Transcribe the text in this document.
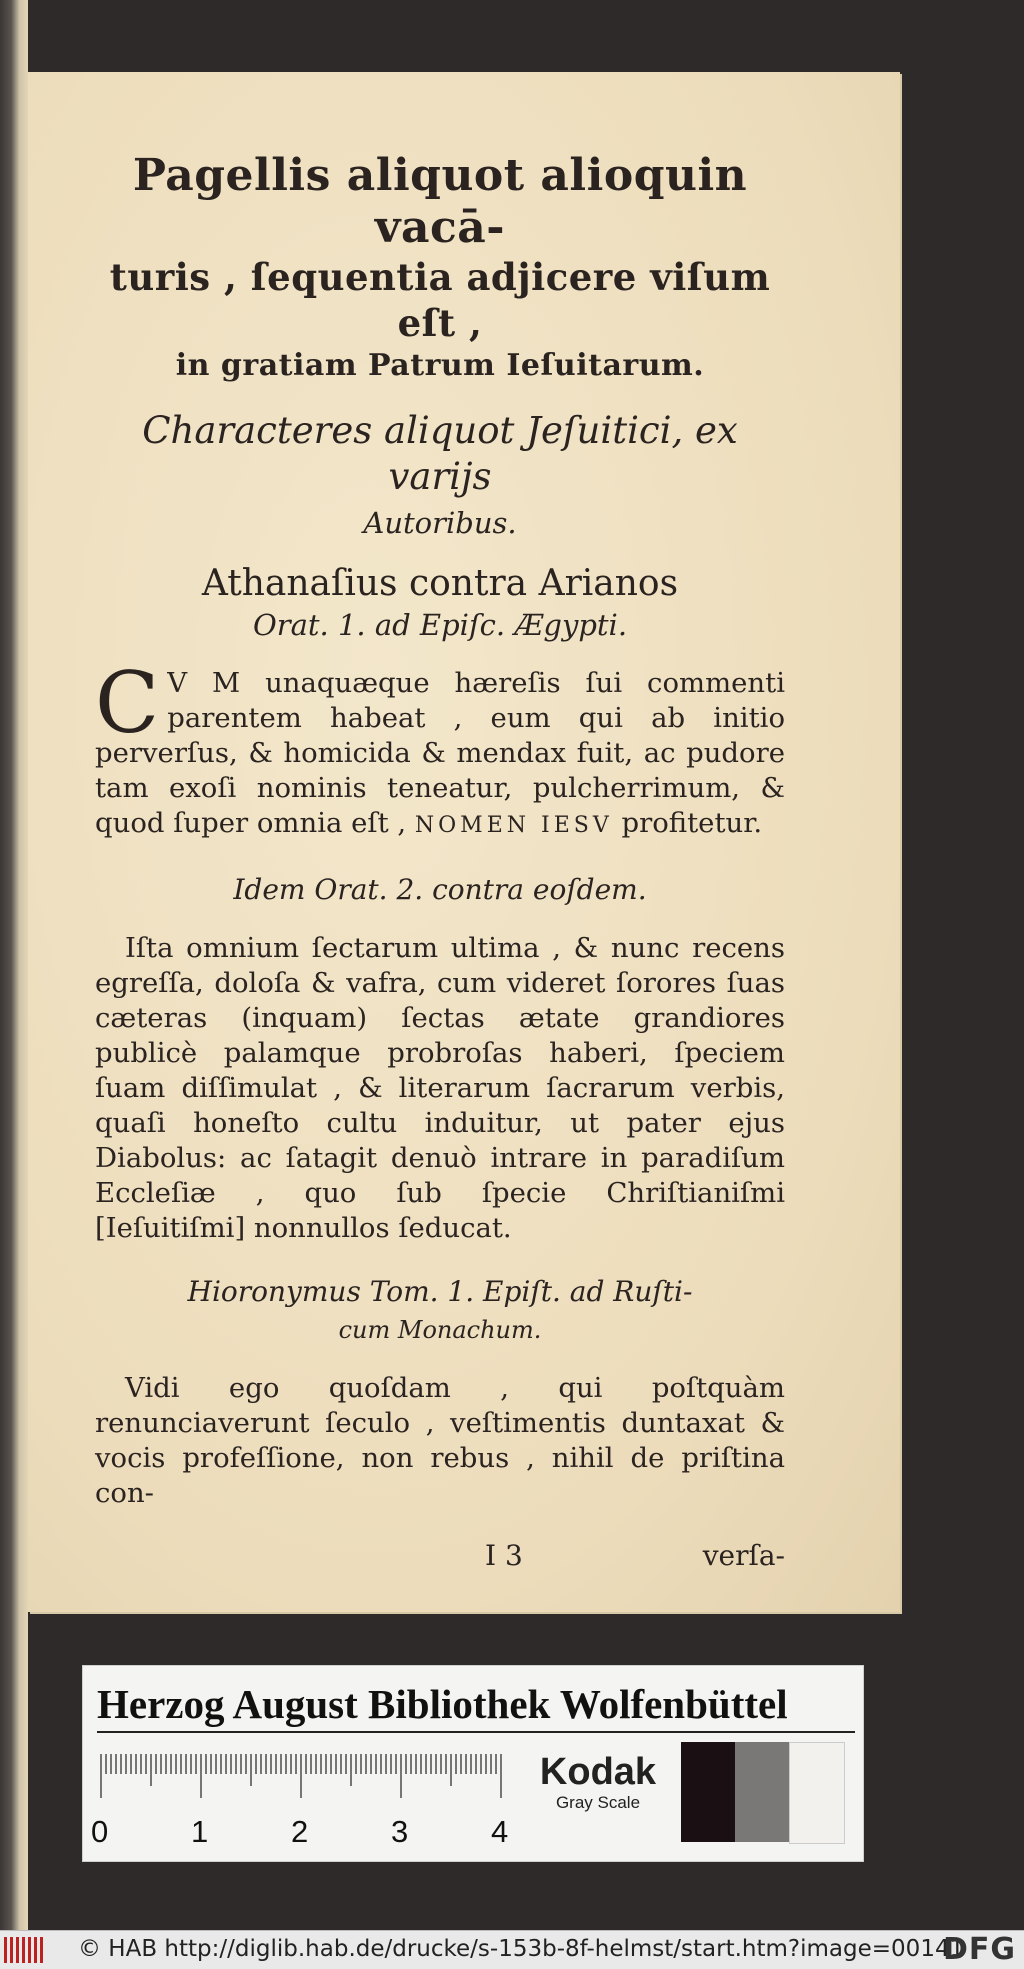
Pagellis aliquot alioquin vacā-
turis , ſequentia adjicere viſum eſt ,
in gratiam Patrum Ieſuitarum.
Characteres aliquot Jeſuitici, ex varijs
Autoribus.
Athanaſius contra Arianos
Orat. 1. ad Epiſc. Ægypti.

C V M unaquæque hæreſis ſui commenti parentem habeat , eum qui ab initio perverſus, & homicida & mendax fuit, ac pudore tam exoſi nominis teneatur, pulcherrimum, & quod ſuper omnia eſt , NOMEN IESV profitetur.

Idem Orat. 2. contra eoſdem.

Iſta omnium ſectarum ultima , & nunc recens egreſſa, doloſa & vafra, cum videret ſorores ſuas cæteras (inquam) ſectas ætate grandiores publicè palamque probroſas haberi, ſpeciem ſuam diſſimulat , & literarum ſacrarum verbis, quaſi honeſto cultu induitur, ut pater ejus Diabolus: ac ſatagit denuò intrare in paradiſum Eccleſiæ , quo ſub ſpecie Chriſtianiſmi [Ieſuitiſmi] nonnullos ſeducat.

Hioronymus Tom. 1. Epiſt. ad Ruſti-
cum Monachum.

Vidi ego quoſdam , qui poſtquàm renunciaverunt ſeculo , veſtimentis duntaxat & vocis profeſſione, non rebus , nihil de priſtina con-

I 3	verſa-
Herzog August Bibliothek Wolfenbüttel
0	1	2	3	4
Kodak
Gray Scale
© HAB http://diglib.hab.de/drucke/s-153b-8f-helmst/start.htm?image=00141
DFG
